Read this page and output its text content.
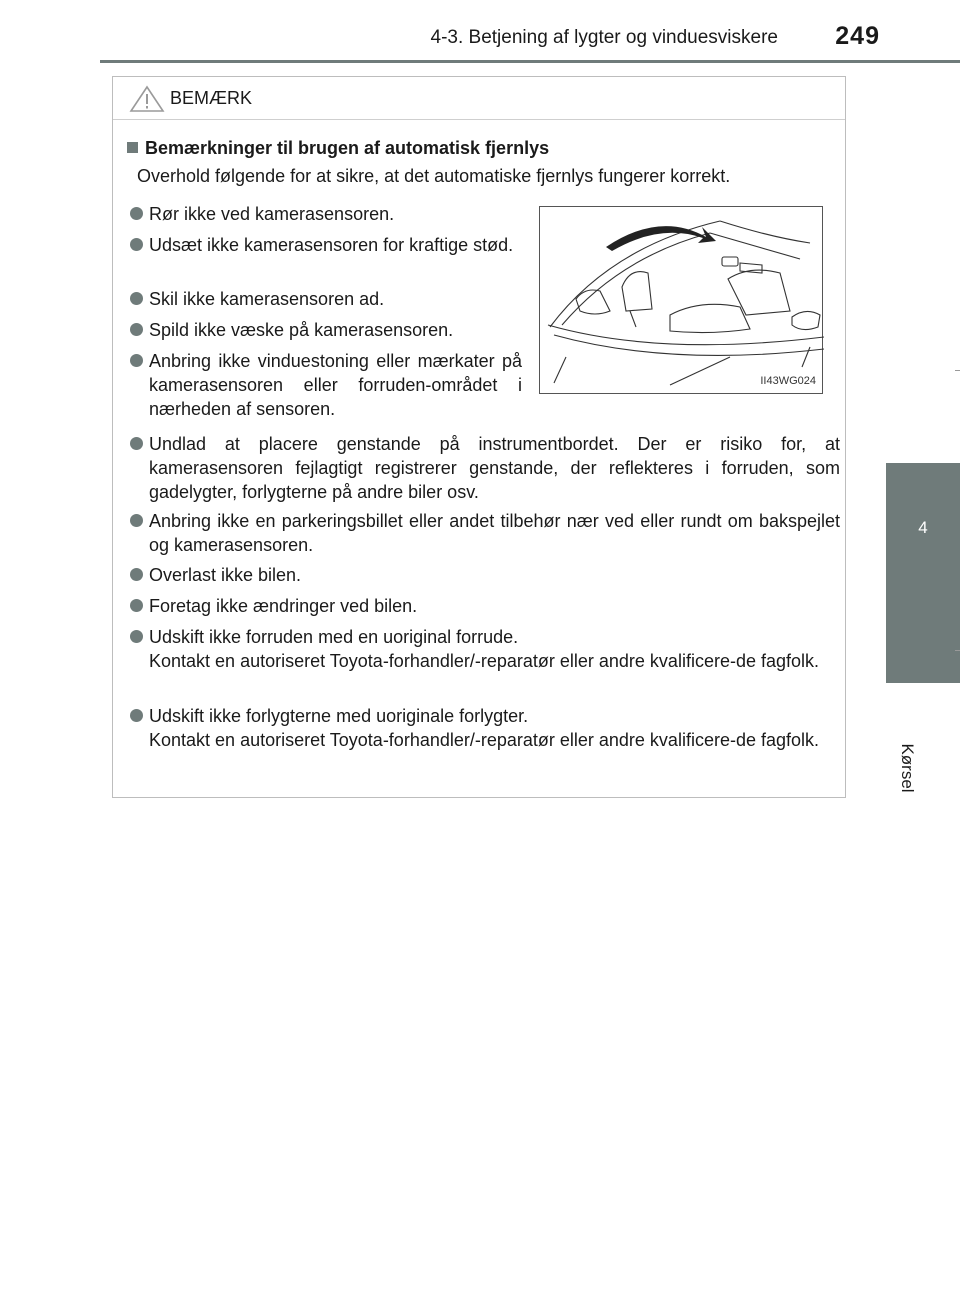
4-3. Betjening af lygter og vinduesviskere 249
4
Kørsel
BEMÆRK
Bemærkninger til brugen af automatisk fjernlys
Overhold følgende for at sikre, at det automatiske fjernlys fungerer korrekt.
Rør ikke ved kamerasensoren.
Udsæt ikke kamerasensoren for kraftige stød.
Skil ikke kamerasensoren ad.
Spild ikke væske på kamerasensoren.
Anbring ikke vinduestoning eller mærkater på kamerasensoren eller forruden-området i nærheden af sensoren.
II43WG024
Undlad at placere genstande på instrumentbordet. Der er risiko for, at kamerasensoren fejlagtigt registrerer genstande, der reflekteres i forruden, som gadelygter, forlygterne på andre biler osv.
Anbring ikke en parkeringsbillet eller andet tilbehør nær ved eller rundt om bakspejlet og kamerasensoren.
Overlast ikke bilen.
Foretag ikke ændringer ved bilen.
Udskift ikke forruden med en uoriginal forrude.
Kontakt en autoriseret Toyota-forhandler/-reparatør eller andre kvalificere-de fagfolk.
Udskift ikke forlygterne med uoriginale forlygter.
Kontakt en autoriseret Toyota-forhandler/-reparatør eller andre kvalificere-de fagfolk.
